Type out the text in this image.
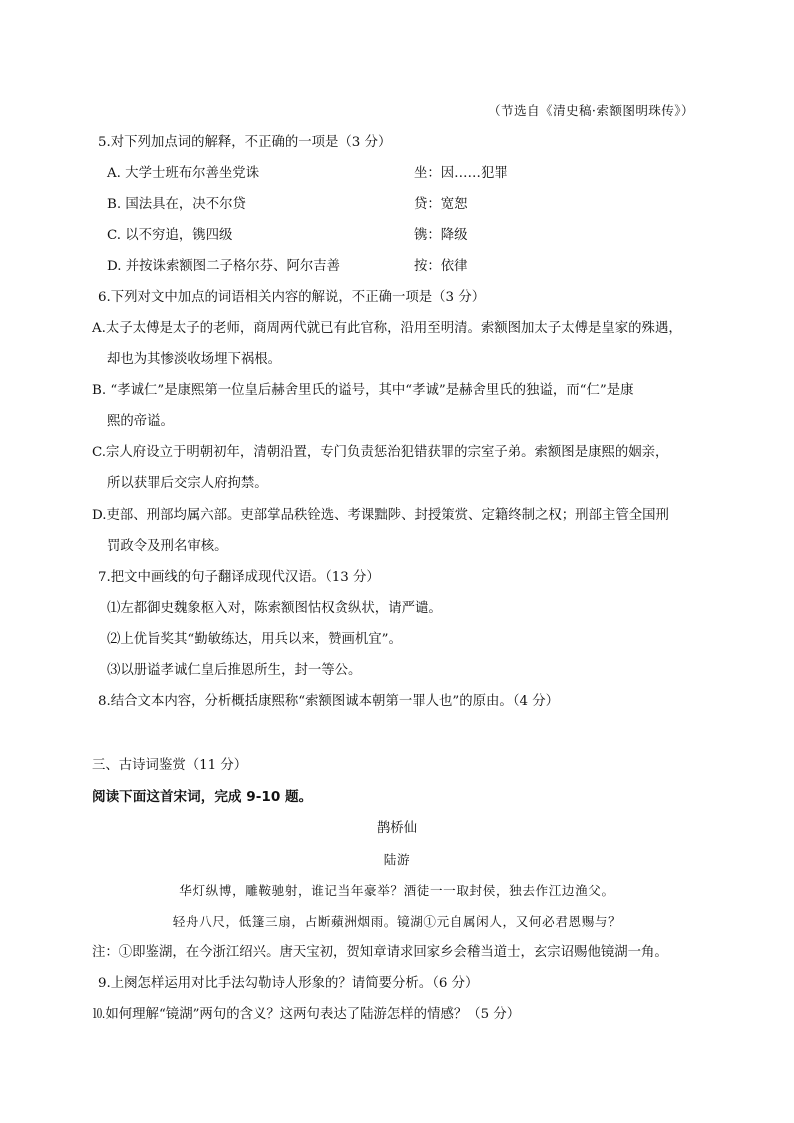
（节选自《清史稿·索额图明珠传》）
5.对下列加点词的解释，不正确的一项是（3 分）
A. 大学士班布尔善坐党诛	坐：因……犯罪
B. 国法具在，决不尔贷	贷：宽恕
C. 以不穷追，镌四级	镌：降级
D. 并按诛索额图二子格尔芬、阿尔吉善	按：依律
6.下列对文中加点的词语相关内容的解说，不正确一项是（3 分）
A.太子太傅是太子的老师，商周两代就已有此官称，沿用至明清。索额图加太子太傅是皇家的殊遇，
却也为其惨淡收场埋下祸根。
B. “孝诚仁”是康熙第一位皇后赫舍里氏的谥号，其中“孝诚”是赫舍里氏的独谥，而“仁”是康
熙的帝谥。
C.宗人府设立于明朝初年，清朝沿置，专门负责惩治犯错获罪的宗室子弟。索额图是康熙的姻亲，
所以获罪后交宗人府拘禁。
D.吏部、刑部均属六部。吏部掌品秩铨选、考课黜陟、封授策赏、定籍终制之权；刑部主管全国刑
罚政令及刑名审核。
7.把文中画线的句子翻译成现代汉语。（13 分）
⑴左都御史魏象枢入对，陈索额图怙权贪纵状，请严谴。
⑵上优旨奖其“勤敏练达，用兵以来，赞画机宜”。
⑶以册谥孝诚仁皇后推恩所生，封一等公。
8.结合文本内容，分析概括康熙称“索额图诚本朝第一罪人也”的原由。（4 分）
三、古诗词鉴赏（11 分）
阅读下面这首宋词，完成 9-10 题。
鹊桥仙
陆游
华灯纵博，雕鞍驰射，谁记当年豪举？酒徒一一取封侯，独去作江边渔父。
轻舟八尺，低篷三扇，占断蘋洲烟雨。镜湖①元自属闲人，又何必君恩赐与？
注：①即鉴湖，在今浙江绍兴。唐天宝初，贺知章请求回家乡会稽当道士，玄宗诏赐他镜湖一角。
9.上阕怎样运用对比手法勾勒诗人形象的？请简要分析。（6 分）
⒑如何理解“镜湖”两句的含义？这两句表达了陆游怎样的情感？（5 分）
